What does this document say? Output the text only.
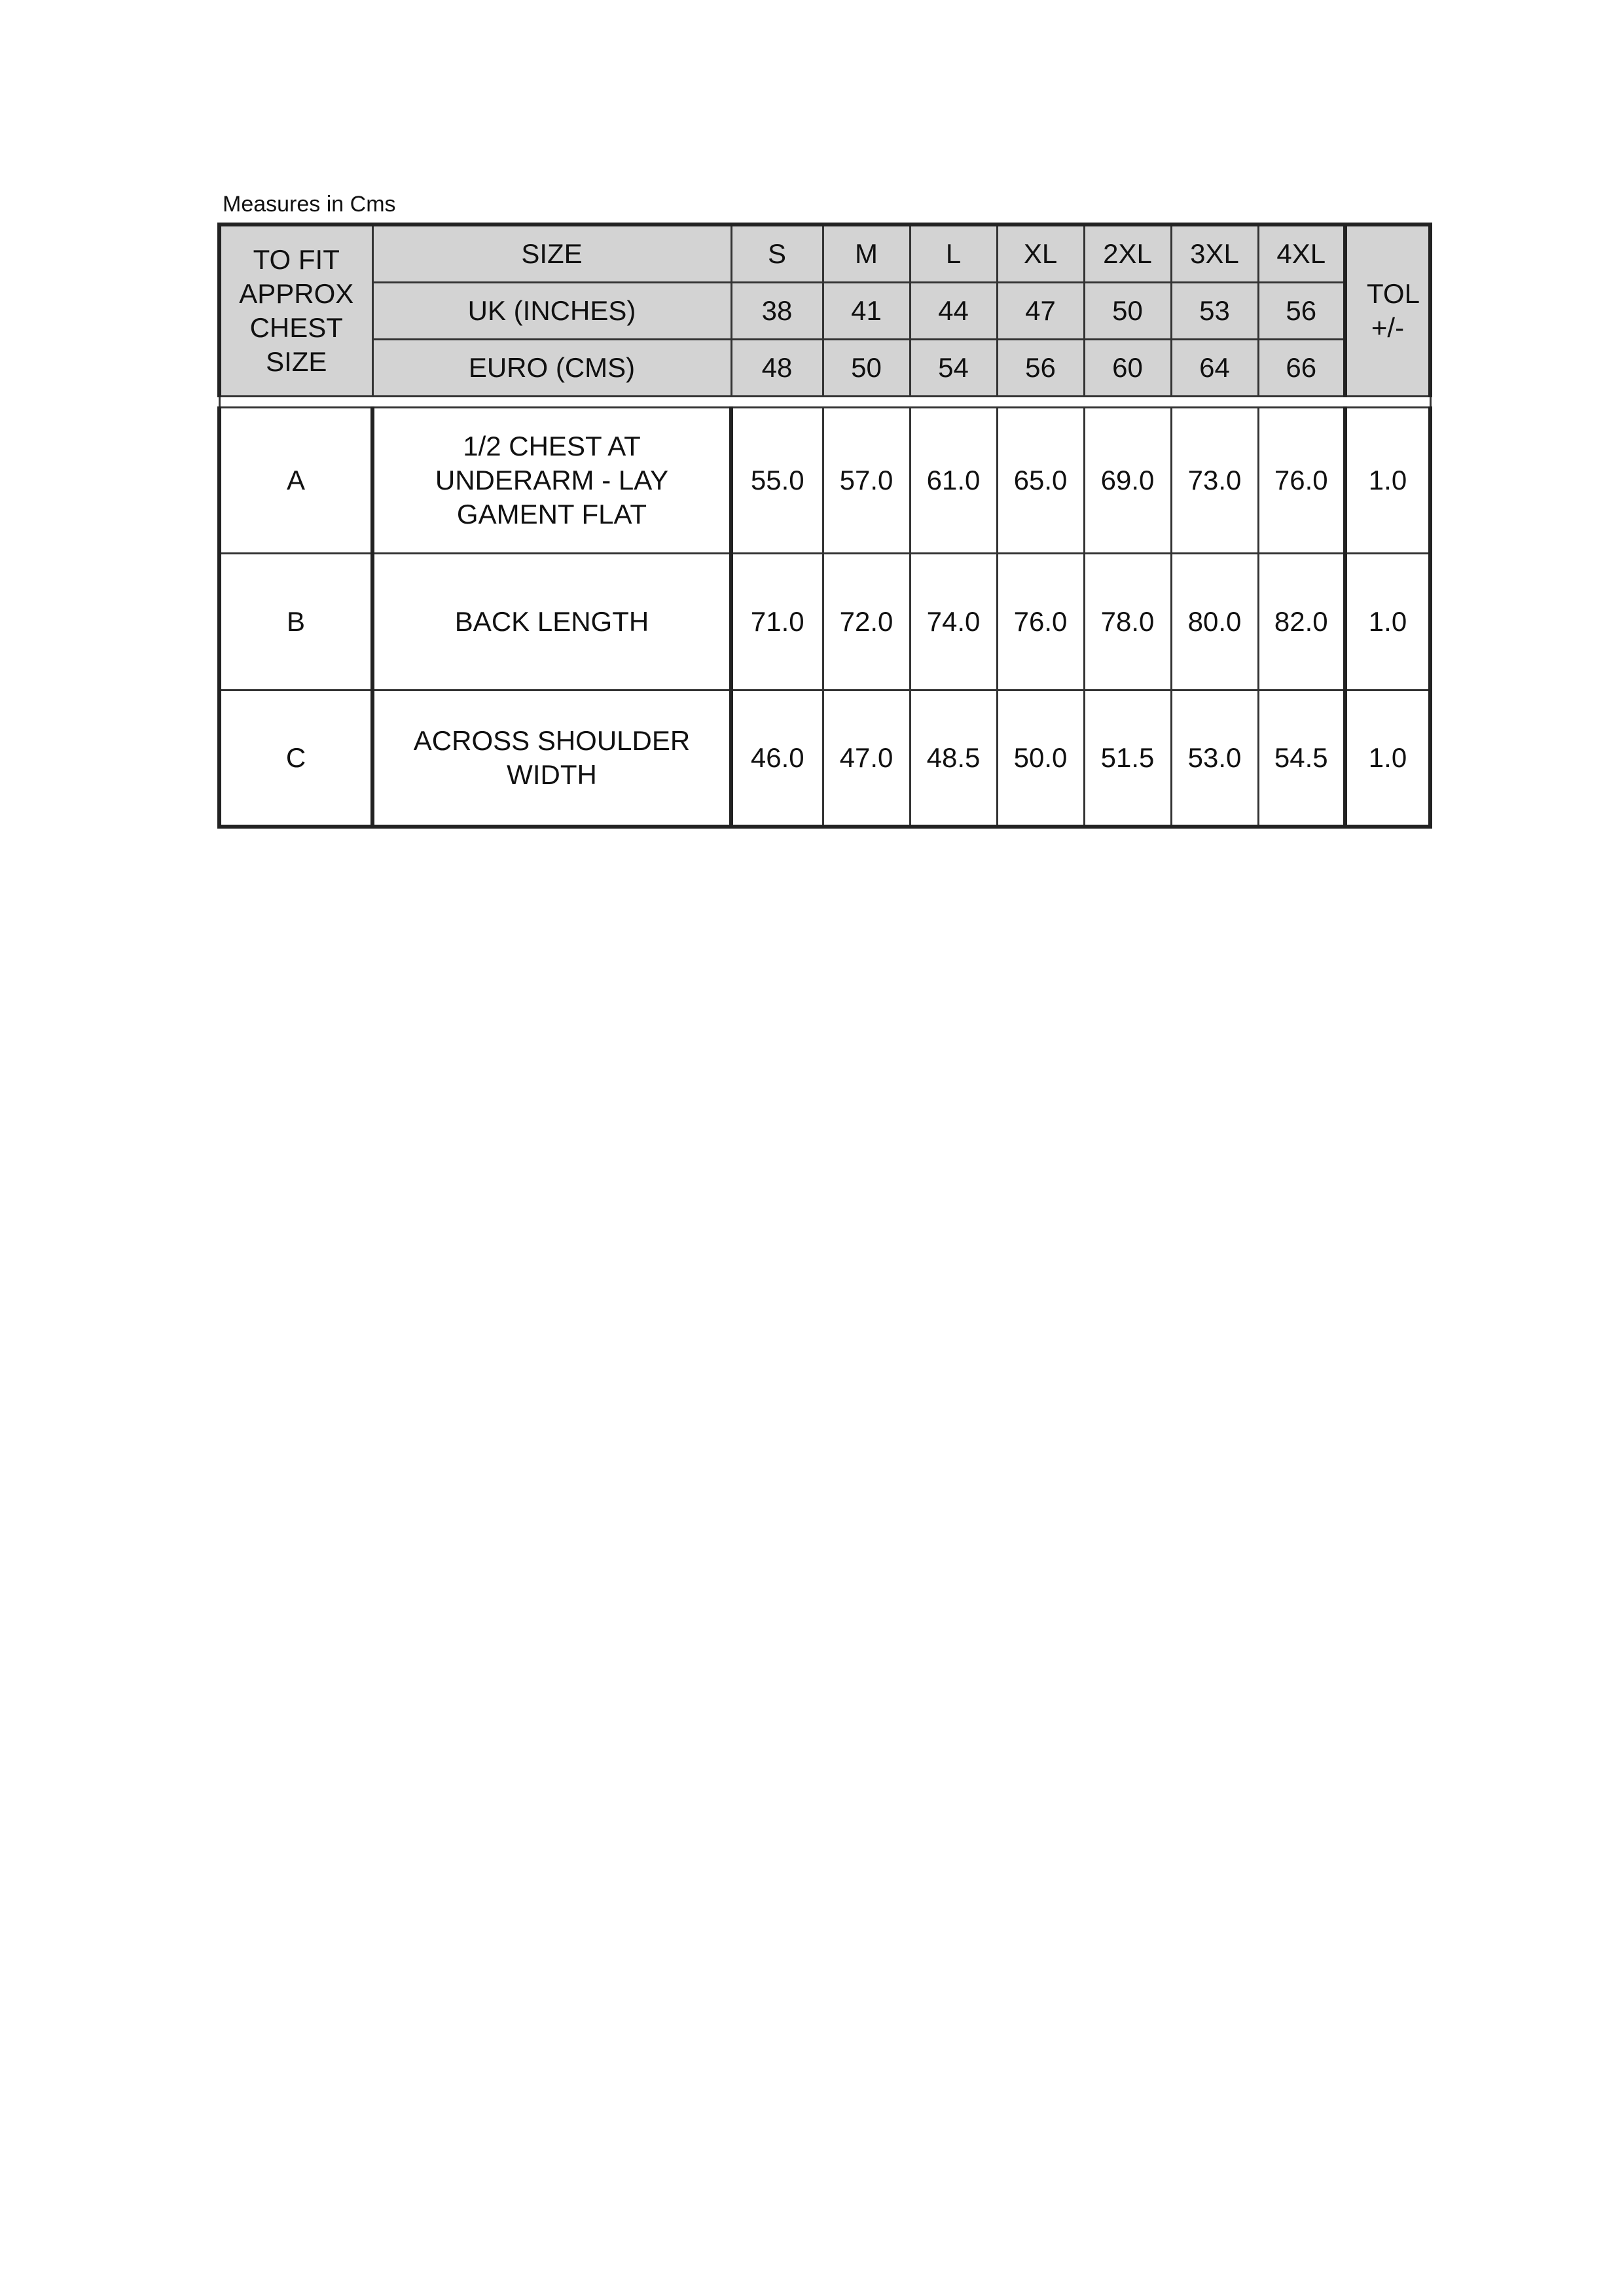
Measures in Cms
TO FIT APPROX CHEST SIZE	SIZE	S	M	L	XL	2XL	3XL	4XL	TOL +/-
	UK (INCHES)	38	41	44	47	50	53	56	
	EURO (CMS)	48	50	54	56	60	64	66	

A	1/2 CHEST AT UNDERARM - LAY GAMENT FLAT	55.0	57.0	61.0	65.0	69.0	73.0	76.0	1.0
B	BACK LENGTH	71.0	72.0	74.0	76.0	78.0	80.0	82.0	1.0
C	ACROSS SHOULDER WIDTH	46.0	47.0	48.5	50.0	51.5	53.0	54.5	1.0
